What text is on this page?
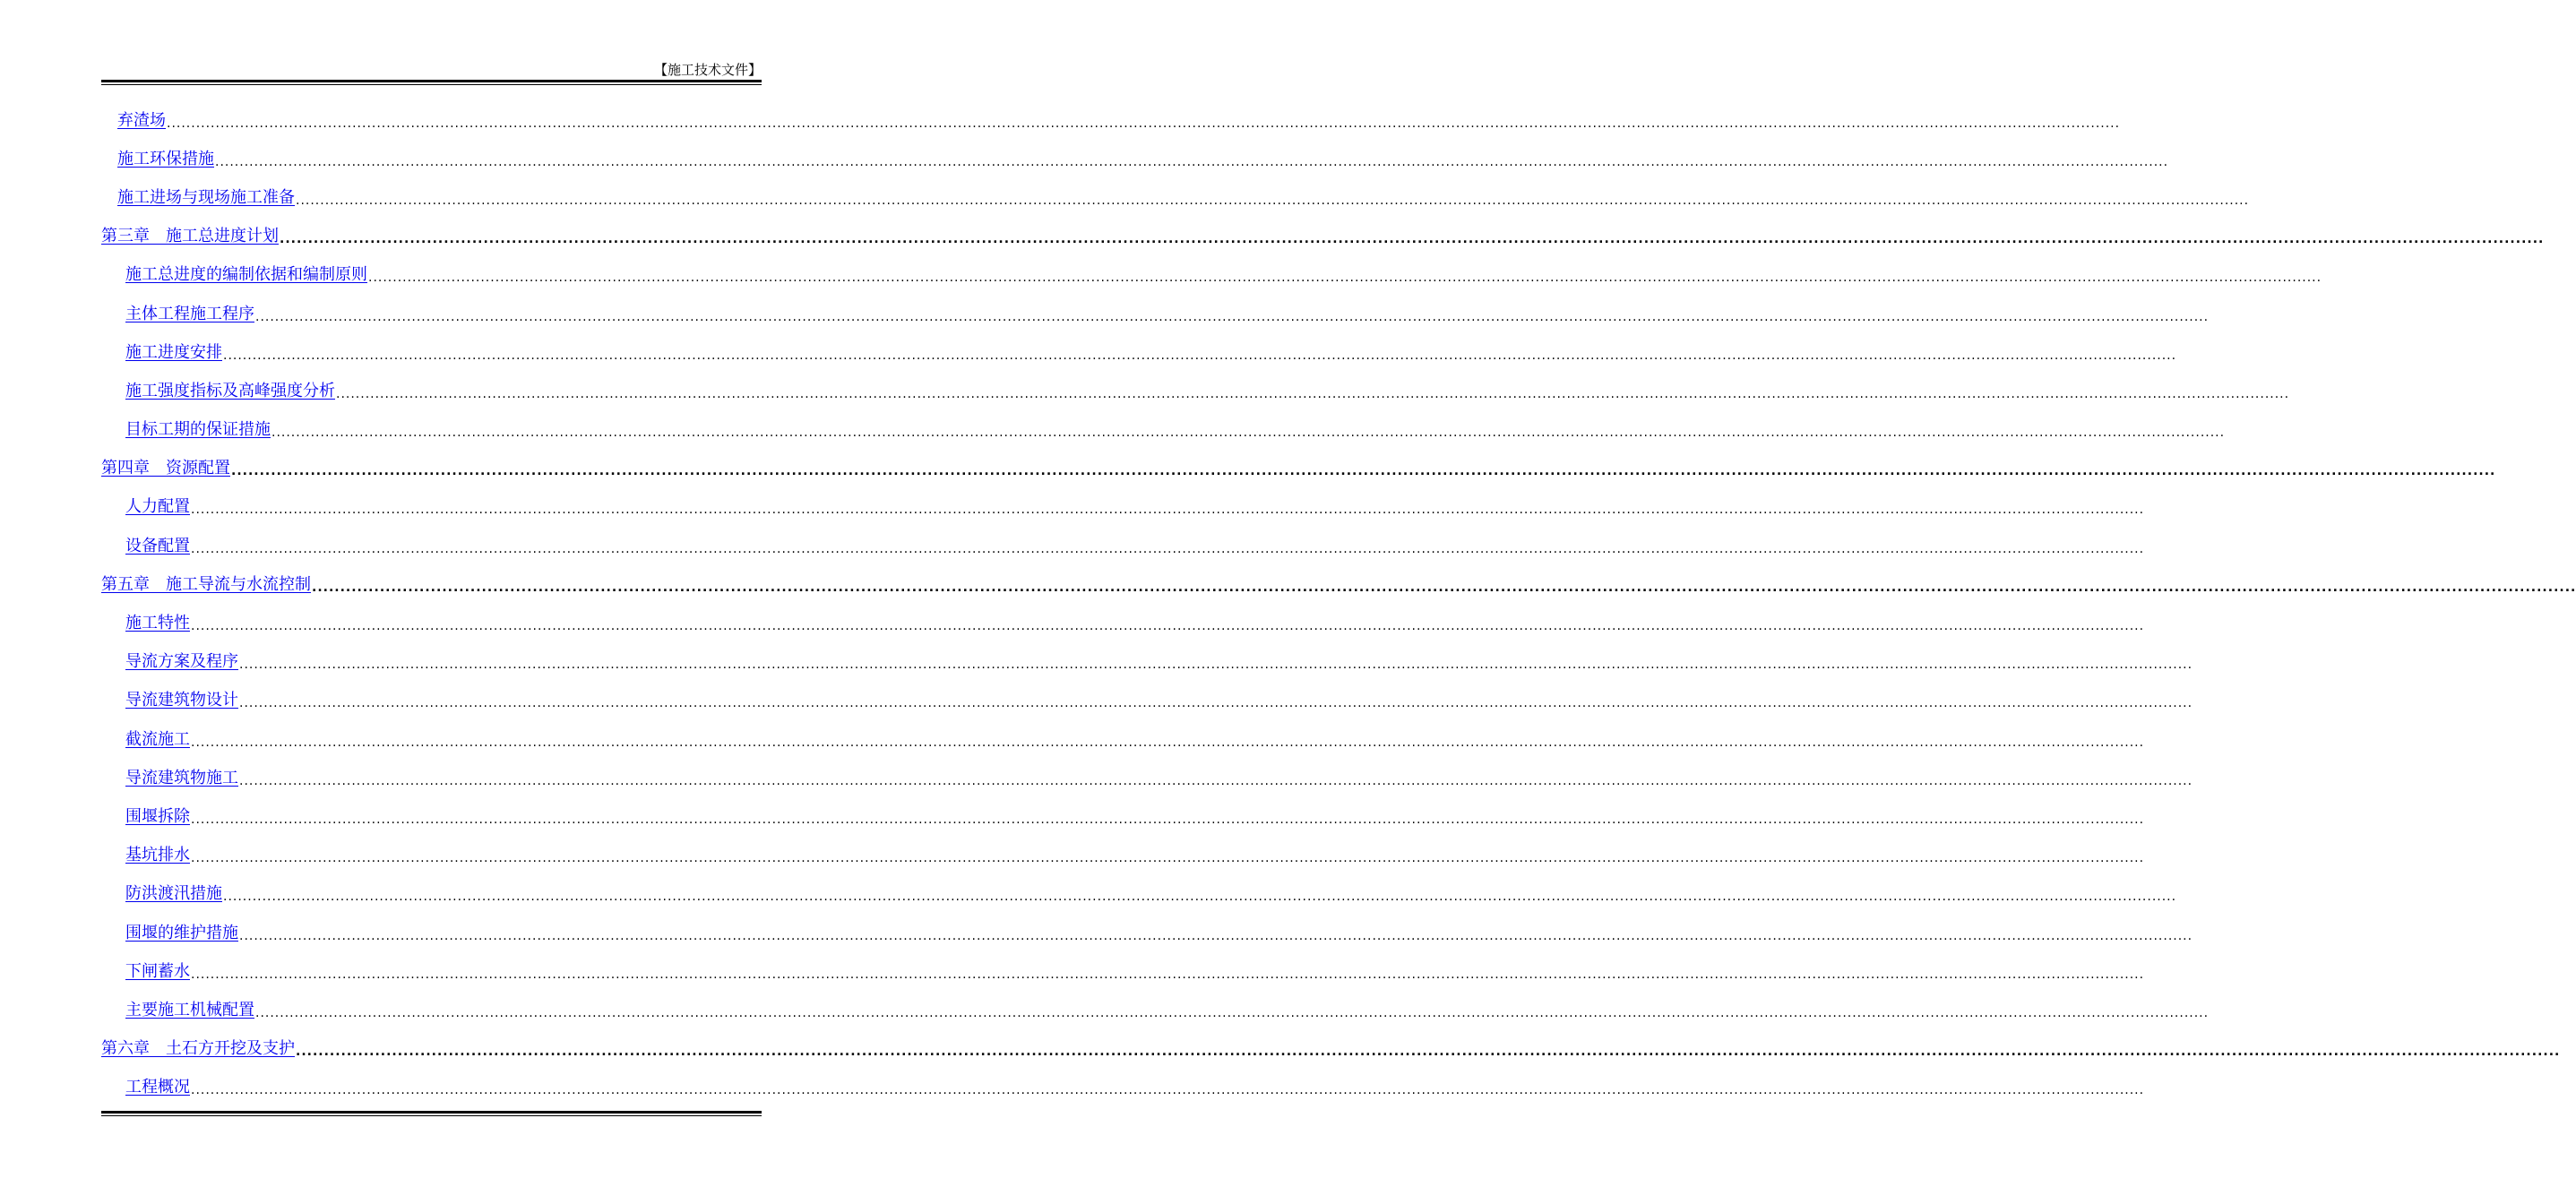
【施工技术文件】
弃渣场 ................................................................................................................................................................................................................................................................................................................................................................................................................
施工环保措施 ................................................................................................................................................................................................................................................................................................................................................................................................................
施工进场与现场施工准备 ................................................................................................................................................................................................................................................................................................................................................................................................................
第三章　施工总进度计划 ................................................................................................................................................................................................................................................................................................................................................................................................................
施工总进度的编制依据和编制原则 ................................................................................................................................................................................................................................................................................................................................................................................................................
主体工程施工程序 ................................................................................................................................................................................................................................................................................................................................................................................................................
施工进度安排 ................................................................................................................................................................................................................................................................................................................................................................................................................
施工强度指标及高峰强度分析 ................................................................................................................................................................................................................................................................................................................................................................................................................
目标工期的保证措施 ................................................................................................................................................................................................................................................................................................................................................................................................................
第四章　资源配置 ................................................................................................................................................................................................................................................................................................................................................................................................................
人力配置 ................................................................................................................................................................................................................................................................................................................................................................................................................
设备配置 ................................................................................................................................................................................................................................................................................................................................................................................................................
第五章　施工导流与水流控制 ................................................................................................................................................................................................................................................................................................................................................................................................................
施工特性 ................................................................................................................................................................................................................................................................................................................................................................................................................
导流方案及程序 ................................................................................................................................................................................................................................................................................................................................................................................................................
导流建筑物设计 ................................................................................................................................................................................................................................................................................................................................................................................................................
截流施工 ................................................................................................................................................................................................................................................................................................................................................................................................................
导流建筑物施工 ................................................................................................................................................................................................................................................................................................................................................................................................................
围堰拆除 ................................................................................................................................................................................................................................................................................................................................................................................................................
基坑排水 ................................................................................................................................................................................................................................................................................................................................................................................................................
防洪渡汛措施 ................................................................................................................................................................................................................................................................................................................................................................................................................
围堰的维护措施 ................................................................................................................................................................................................................................................................................................................................................................................................................
下闸蓄水 ................................................................................................................................................................................................................................................................................................................................................................................................................
主要施工机械配置 ................................................................................................................................................................................................................................................................................................................................................................................................................
第六章　土石方开挖及支护 ................................................................................................................................................................................................................................................................................................................................................................................................................
工程概况 ................................................................................................................................................................................................................................................................................................................................................................................................................
